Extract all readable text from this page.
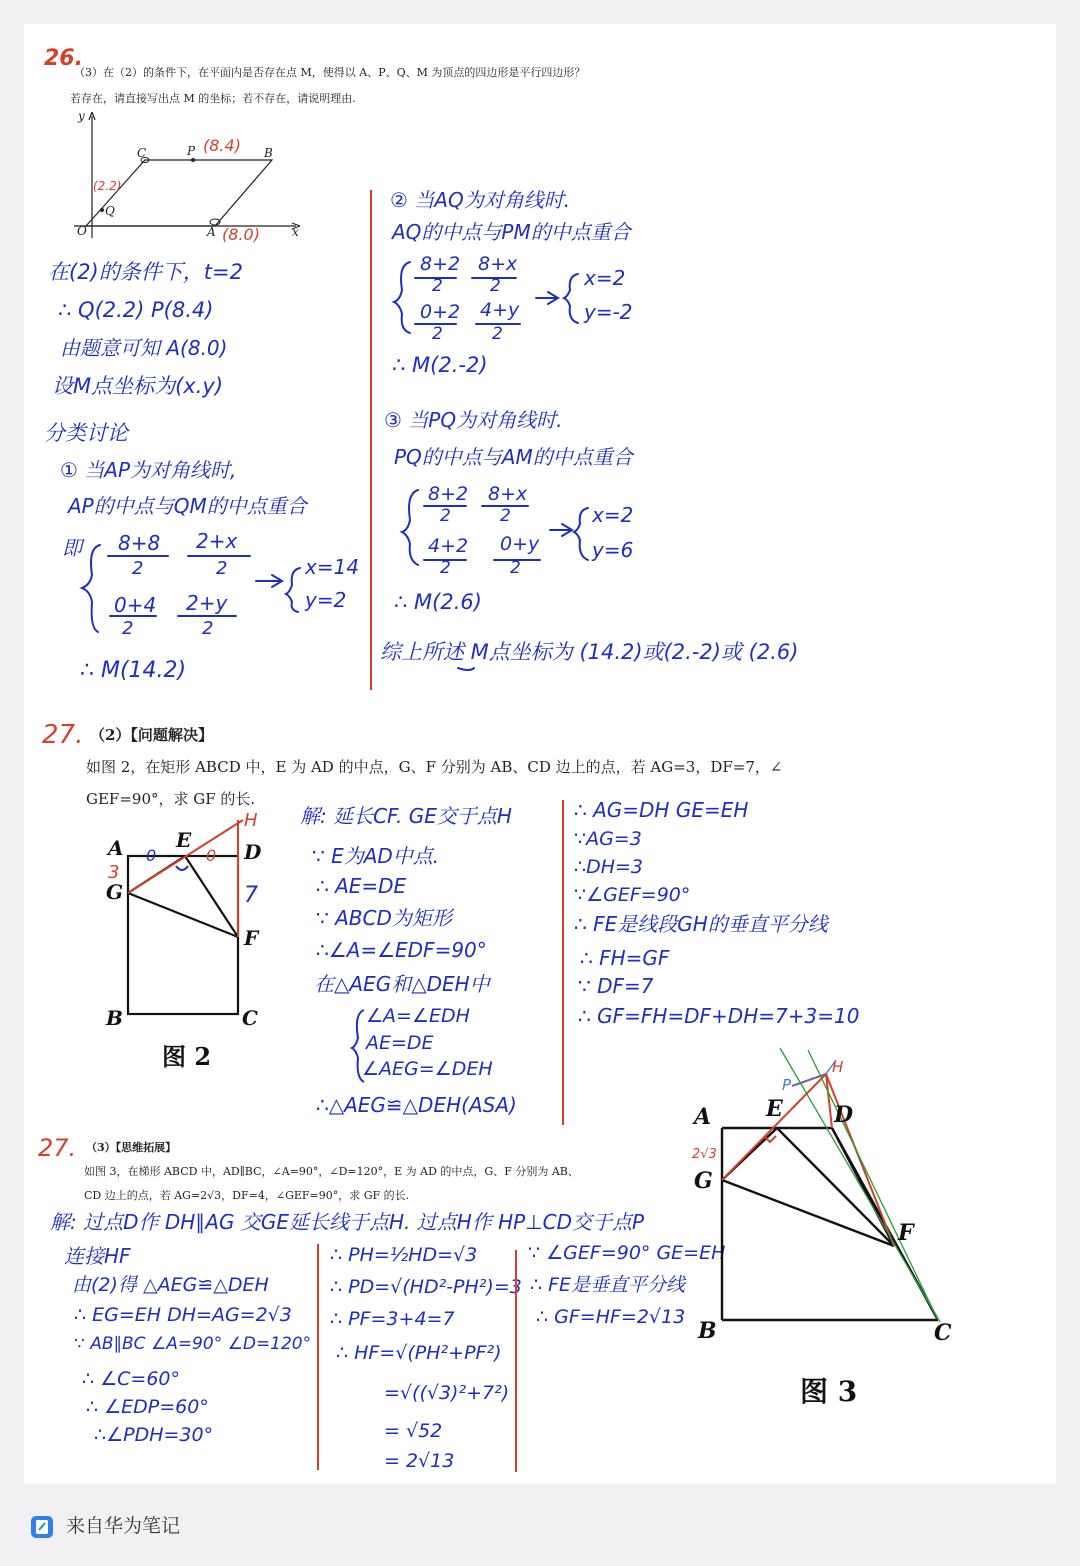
26.
（3）在（2）的条件下，在平面内是否存在点 M，使得以 A、P、Q、M 为顶点的四边形是平行四边形？
若存在，请直接写出点 M 的坐标；若不存在，请说明理由.
y
x
O
C	P	B
A
Q
(8.4)
(8.0)
(2.2)
在(2)的条件下，t=2
∴ Q(2.2) P(8.4)
由题意可知 A(8.0)
设M点坐标为(x.y)
分类讨论
① 当AP为对角线时,
AP的中点与QM的中点重合
即 8+8
2
2+x
2
0+4
2
2+y
2
x=14
y=2
∴ M(14.2)
② 当AQ为对角线时.
AQ的中点与PM的中点重合
8+2
2
8+x
2
0+2
2
4+y
2
x=2
y=-2
∴ M(2.-2)
③ 当PQ为对角线时.
PQ的中点与AM的中点重合
8+2
2
8+x
2
4+2
2
0+y
2
x=2
y=6
∴ M(2.6)
综上所述 M点坐标为 (14.2)或(2.-2)或 (2.6)
27. （2）【问题解决】
如图 2，在矩形 ABCD 中，E 为 AD 的中点，G、F 分别为 AB、CD 边上的点，若 AG=3，DF=7，∠
GEF=90°，求 GF 的长.
A	E	D
H
G
F
B	C
3
7
0	0
图 2
解: 延长CF. GE交于点H
∵ E为AD中点.
∴ AE=DE
∵ ABCD为矩形
∴∠A=∠EDF=90°
在△AEG和△DEH中
∠A=∠EDH
AE=DE
∠AEG=∠DEH
∴△AEG≌△DEH(ASA)
∴ AG=DH GE=EH
∵AG=3
∴DH=3
∵∠GEF=90°
∴ FE是线段GH的垂直平分线
∴ FH=GF
∵ DF=7
∴ GF=FH=DF+DH=7+3=10
27. （3）【思维拓展】
如图 3，在梯形 ABCD 中，AD∥BC，∠A=90°，∠D=120°，E 为 AD 的中点，G、F 分别为 AB、
CD 边上的点，若 AG=2√3，DF=4，∠GEF=90°，求 GF 的长.
解: 过点D作 DH∥AG 交GE延长线于点H. 过点H作 HP⊥CD交于点P
连接HF
由(2)得 △AEG≌△DEH
∴ EG=EH DH=AG=2√3
∵ AB∥BC ∠A=90° ∠D=120°
∴ ∠C=60°
∴ ∠EDP=60°
∴∠PDH=30°
∴ PH=½HD=√3
∴ PD=√(HD²-PH²)=3
∴ PF=3+4=7
∴ HF=√(PH²+PF²)
=√((√3)²+7²)
= √52
= 2√13
∵ ∠GEF=90° GE=EH
∴ FE是垂直平分线
∴ GF=HF=2√13
A E D
H
P
G
F
B	C
2√3
图 3
来自华为笔记
